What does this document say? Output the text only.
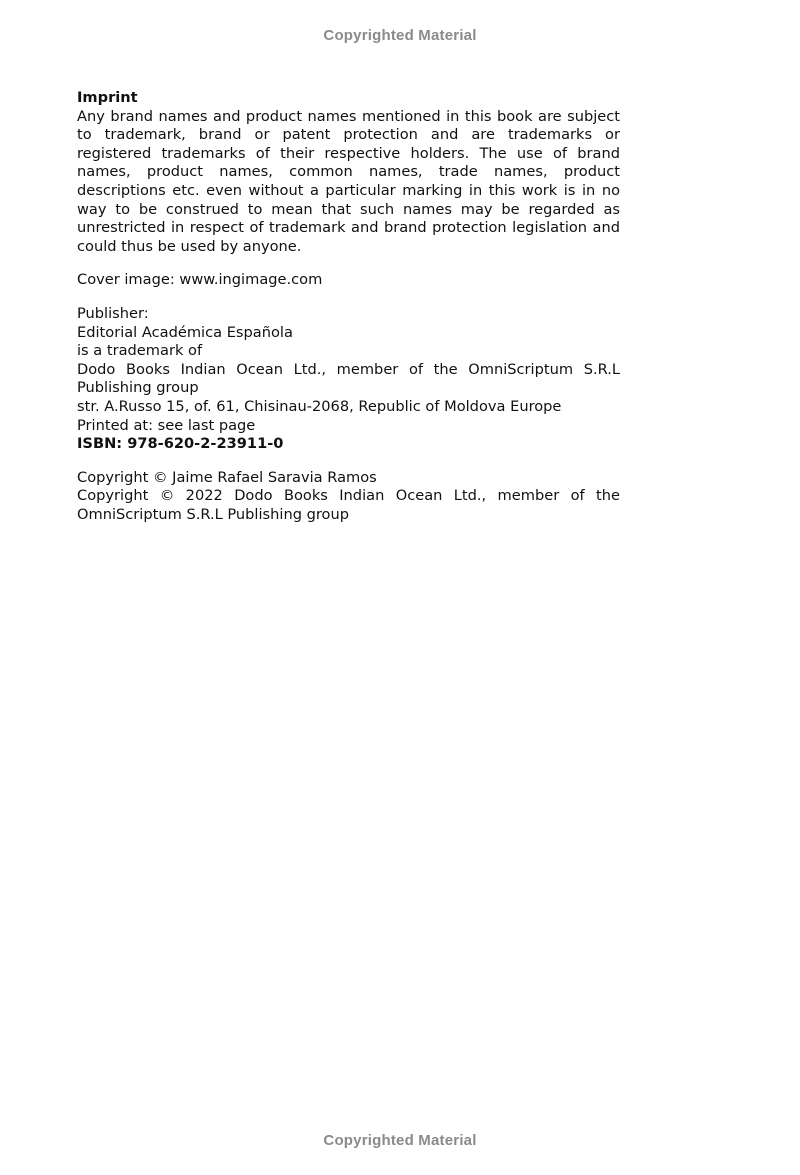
Copyrighted Material

Imprint

Any brand names and product names mentioned in this book are subject to trademark, brand or patent protection and are trademarks or registered trademarks of their respective holders. The use of brand names, product names, common names, trade names, product descriptions etc. even without a particular marking in this work is in no way to be construed to mean that such names may be regarded as unrestricted in respect of trademark and brand protection legislation and could thus be used by anyone.

Cover image: www.ingimage.com

Publisher:

Editorial Académica Española

is a trademark of

Dodo Books Indian Ocean Ltd., member of the OmniScriptum S.R.L Publishing group

str. A.Russo 15, of. 61, Chisinau-2068, Republic of Moldova Europe

Printed at: see last page

ISBN: 978-620-2-23911-0

Copyright © Jaime Rafael Saravia Ramos

Copyright © 2022 Dodo Books Indian Ocean Ltd., member of the OmniScriptum S.R.L Publishing group

Copyrighted Material
